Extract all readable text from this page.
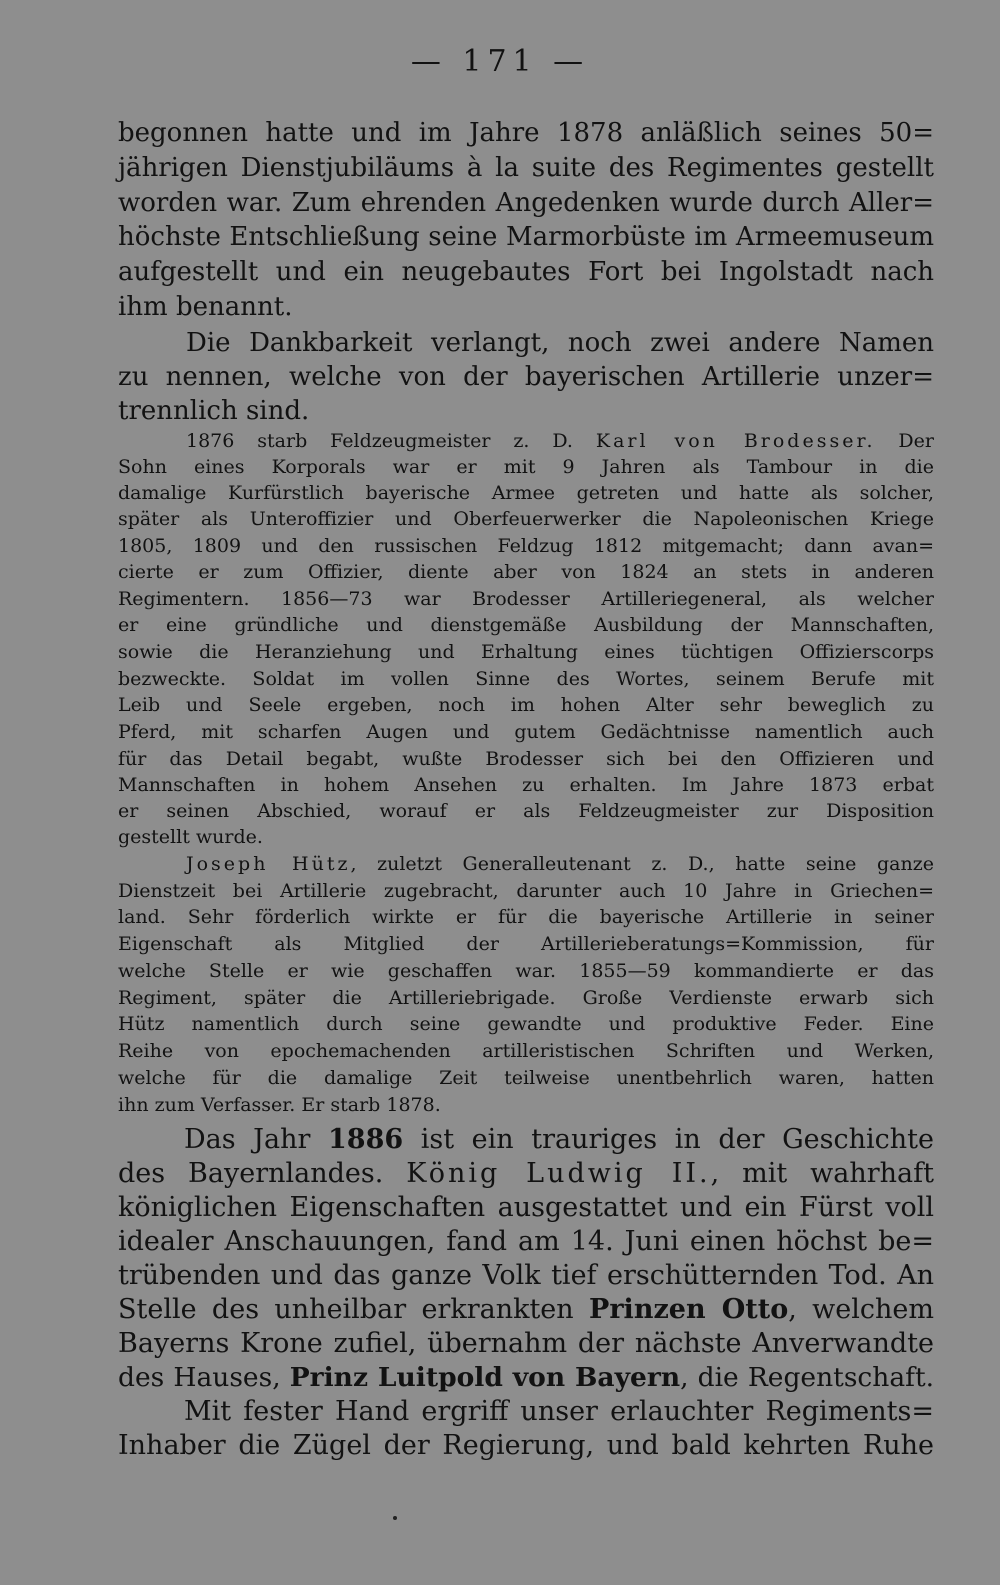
— 171 —
begonnen hatte und im Jahre 1878 anläßlich seines 50=
jährigen Dienstjubiläums à la suite des Regimentes gestellt
worden war. Zum ehrenden Angedenken wurde durch Aller=
höchste Entschließung seine Marmorbüste im Armeemuseum
aufgestellt und ein neugebautes Fort bei Ingolstadt nach
ihm benannt.
Die Dankbarkeit verlangt, noch zwei andere Namen
zu nennen, welche von der bayerischen Artillerie unzer=
trennlich sind.
1876 starb Feldzeugmeister z. D. Karl von Brodesser. Der
Sohn eines Korporals war er mit 9 Jahren als Tambour in die
damalige Kurfürstlich bayerische Armee getreten und hatte als solcher,
später als Unteroffizier und Oberfeuerwerker die Napoleonischen Kriege
1805, 1809 und den russischen Feldzug 1812 mitgemacht; dann avan=
cierte er zum Offizier, diente aber von 1824 an stets in anderen
Regimentern. 1856—73 war Brodesser Artilleriegeneral, als welcher
er eine gründliche und dienstgemäße Ausbildung der Mannschaften,
sowie die Heranziehung und Erhaltung eines tüchtigen Offizierscorps
bezweckte. Soldat im vollen Sinne des Wortes, seinem Berufe mit
Leib und Seele ergeben, noch im hohen Alter sehr beweglich zu
Pferd, mit scharfen Augen und gutem Gedächtnisse namentlich auch
für das Detail begabt, wußte Brodesser sich bei den Offizieren und
Mannschaften in hohem Ansehen zu erhalten. Im Jahre 1873 erbat
er seinen Abschied, worauf er als Feldzeugmeister zur Disposition
gestellt wurde.
Joseph Hütz, zuletzt Generalleutenant z. D., hatte seine ganze
Dienstzeit bei Artillerie zugebracht, darunter auch 10 Jahre in Griechen=
land. Sehr förderlich wirkte er für die bayerische Artillerie in seiner
Eigenschaft als Mitglied der Artillerieberatungs=Kommission, für
welche Stelle er wie geschaffen war. 1855—59 kommandierte er das
Regiment, später die Artilleriebrigade. Große Verdienste erwarb sich
Hütz namentlich durch seine gewandte und produktive Feder. Eine
Reihe von epochemachenden artilleristischen Schriften und Werken,
welche für die damalige Zeit teilweise unentbehrlich waren, hatten
ihn zum Verfasser. Er starb 1878.
Das Jahr 1886 ist ein trauriges in der Geschichte
des Bayernlandes. König Ludwig II., mit wahrhaft
königlichen Eigenschaften ausgestattet und ein Fürst voll
idealer Anschauungen, fand am 14. Juni einen höchst be=
trübenden und das ganze Volk tief erschütternden Tod. An
Stelle des unheilbar erkrankten Prinzen Otto, welchem
Bayerns Krone zufiel, übernahm der nächste Anverwandte
des Hauses, Prinz Luitpold von Bayern, die Regentschaft.
Mit fester Hand ergriff unser erlauchter Regiments=
Inhaber die Zügel der Regierung, und bald kehrten Ruhe
